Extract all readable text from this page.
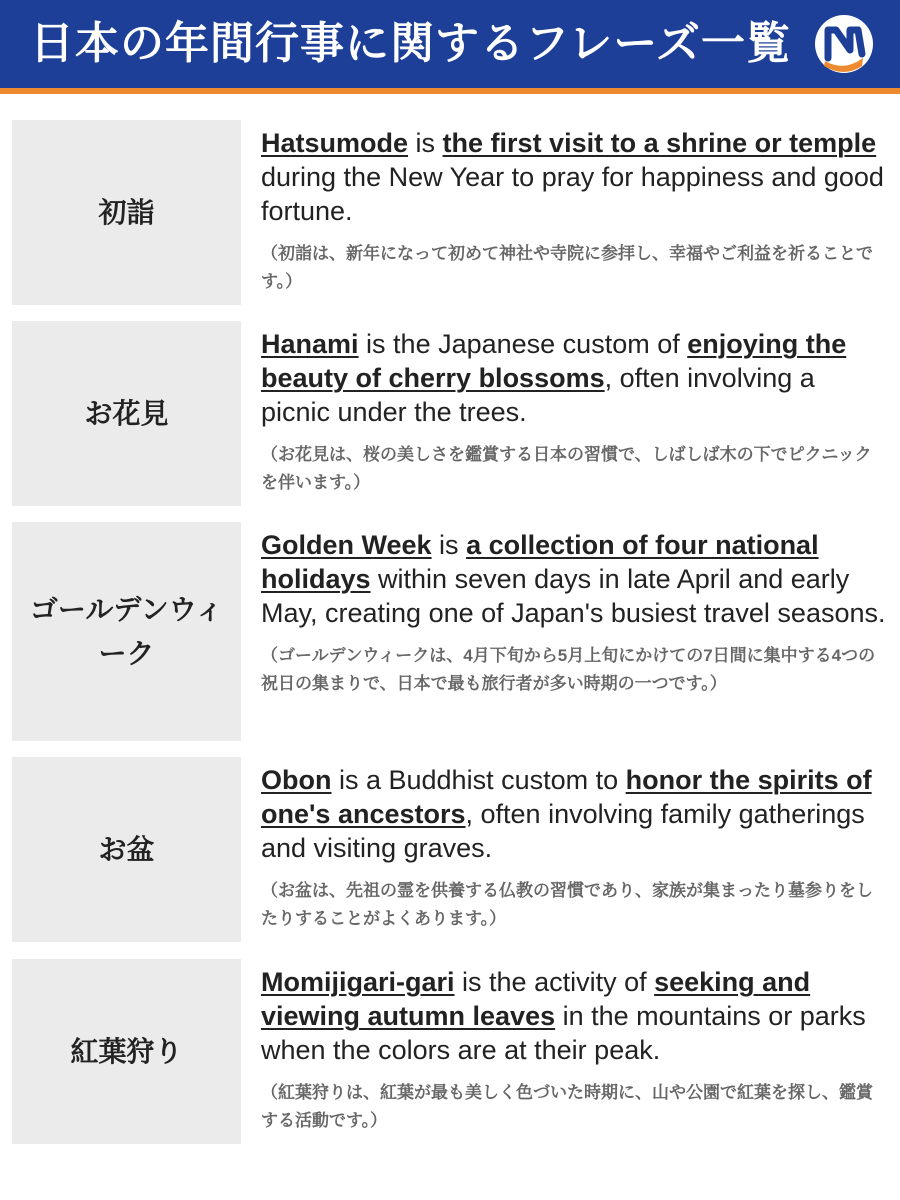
日本の年間行事に関するフレーズ一覧
初詣

Hatsumode is the first visit to a shrine or temple during the New Year to pray for happiness and good fortune.

（初詣は、新年になって初めて神社や寺院に参拝し、幸福やご利益を祈ることです。）

お花見

Hanami is the Japanese custom of enjoying the beauty of cherry blossoms, often involving a picnic under the trees.

（お花見は、桜の美しさを鑑賞する日本の習慣で、しばしば木の下でピクニックを伴います。）

ゴールデンウィーク

Golden Week is a collection of four national holidays within seven days in late April and early May, creating one of Japan's busiest travel seasons.

（ゴールデンウィークは、4月下旬から5月上旬にかけての7日間に集中する4つの祝日の集まりで、日本で最も旅行者が多い時期の一つです。）

お盆

Obon is a Buddhist custom to honor the spirits of one's ancestors, often involving family gatherings and visiting graves.

（お盆は、先祖の霊を供養する仏教の習慣であり、家族が集まったり墓参りをしたりすることがよくあります。）

紅葉狩り

Momijigari-gari is the activity of seeking and viewing autumn leaves in the mountains or parks when the colors are at their peak.

（紅葉狩りは、紅葉が最も美しく色づいた時期に、山や公園で紅葉を探し、鑑賞する活動です。）
